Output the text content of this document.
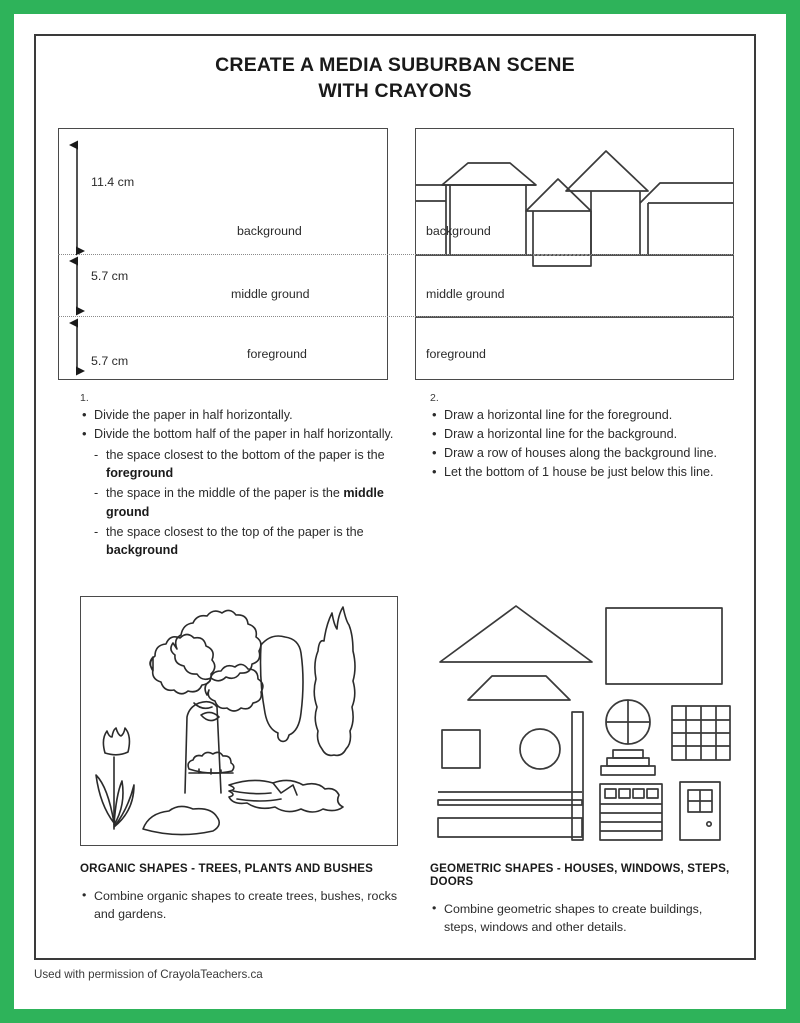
CREATE A MEDIA SUBURBAN SCENE
WITH CRAYONS
11.4 cm
background
5.7 cm
middle ground
5.7 cm	foreground
background
middle ground
foreground
1.
• Divide the paper in half horizontally.
• Divide the bottom half of the paper in half horizontally.
- the space closest to the bottom of the paper is the foreground
- the space in the middle of the paper is the middle ground
- the space closest to the top of the paper is the background
2.
• Draw a horizontal line for the foreground.
• Draw a horizontal line for the background.
• Draw a row of houses along the background line.
• Let the bottom of 1 house be just below this line.
ORGANIC SHAPES - TREES, PLANTS AND BUSHES
• Combine organic shapes to create trees, bushes, rocks and gardens.
GEOMETRIC SHAPES - HOUSES, WINDOWS, STEPS, DOORS
• Combine geometric shapes to create buildings, steps, windows and other details.
Used with permission of CrayolaTeachers.ca
